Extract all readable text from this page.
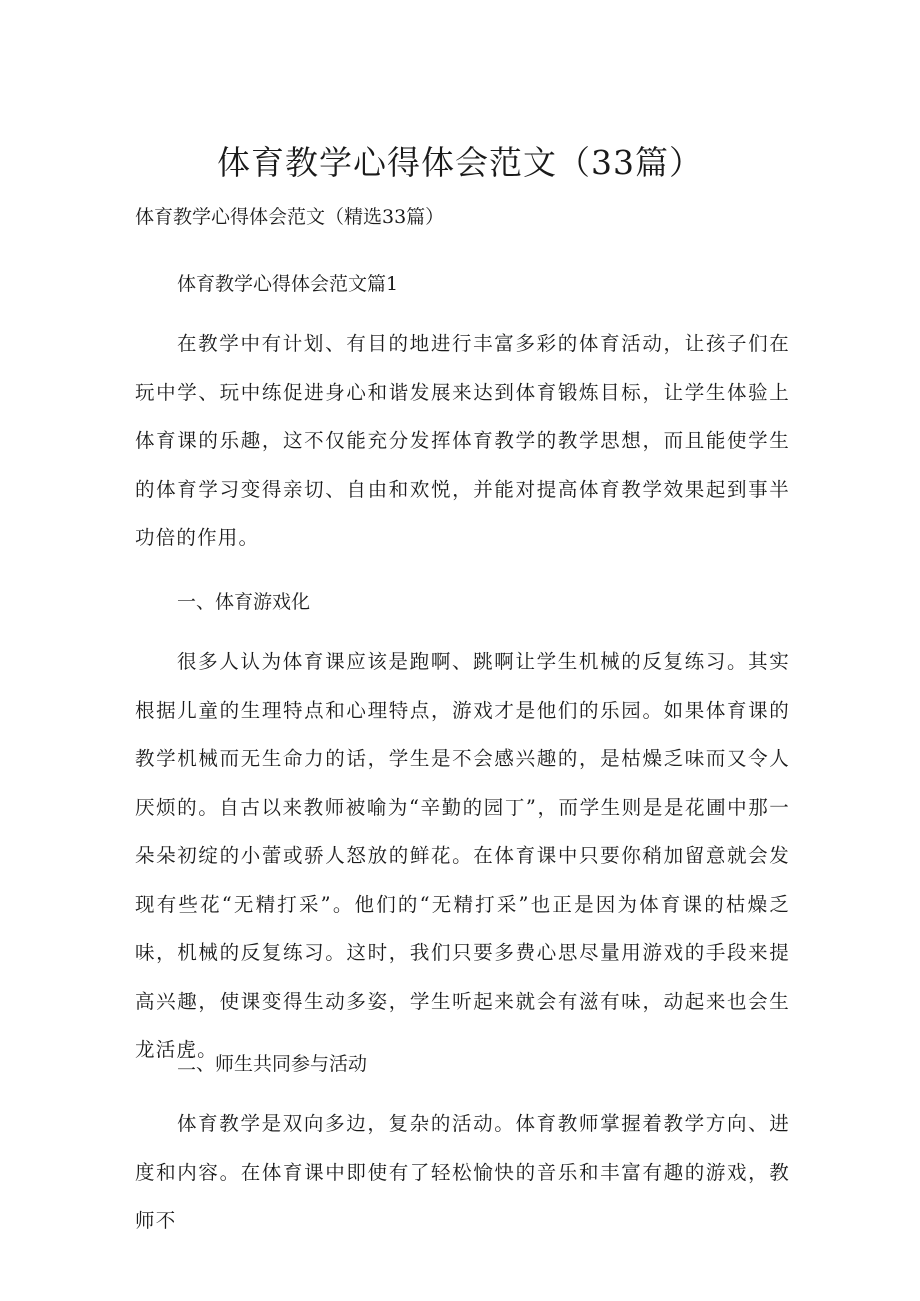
体育教学心得体会范文（33篇）

体育教学心得体会范文（精选33篇）

体育教学心得体会范文篇1

在教学中有计划、有目的地进行丰富多彩的体育活动，让孩子们在玩中学、玩中练促进身心和谐发展来达到体育锻炼目标，让学生体验上体育课的乐趣，这不仅能充分发挥体育教学的教学思想，而且能使学生的体育学习变得亲切、自由和欢悦，并能对提高体育教学效果起到事半功倍的作用。

一、体育游戏化

很多人认为体育课应该是跑啊、跳啊让学生机械的反复练习。其实根据儿童的生理特点和心理特点，游戏才是他们的乐园。如果体育课的教学机械而无生命力的话，学生是不会感兴趣的，是枯燥乏味而又令人厌烦的。自古以来教师被喻为“辛勤的园丁”，而学生则是是花圃中那一朵朵初绽的小蕾或骄人怒放的鲜花。在体育课中只要你稍加留意就会发现有些花“无精打采”。他们的“无精打采”也正是因为体育课的枯燥乏味，机械的反复练习。这时，我们只要多费心思尽量用游戏的手段来提高兴趣，使课变得生动多姿，学生听起来就会有滋有味，动起来也会生龙活虎。

二、师生共同参与活动

体育教学是双向多边，复杂的活动。体育教师掌握着教学方向、进度和内容。在体育课中即使有了轻松愉快的音乐和丰富有趣的游戏，教师不
